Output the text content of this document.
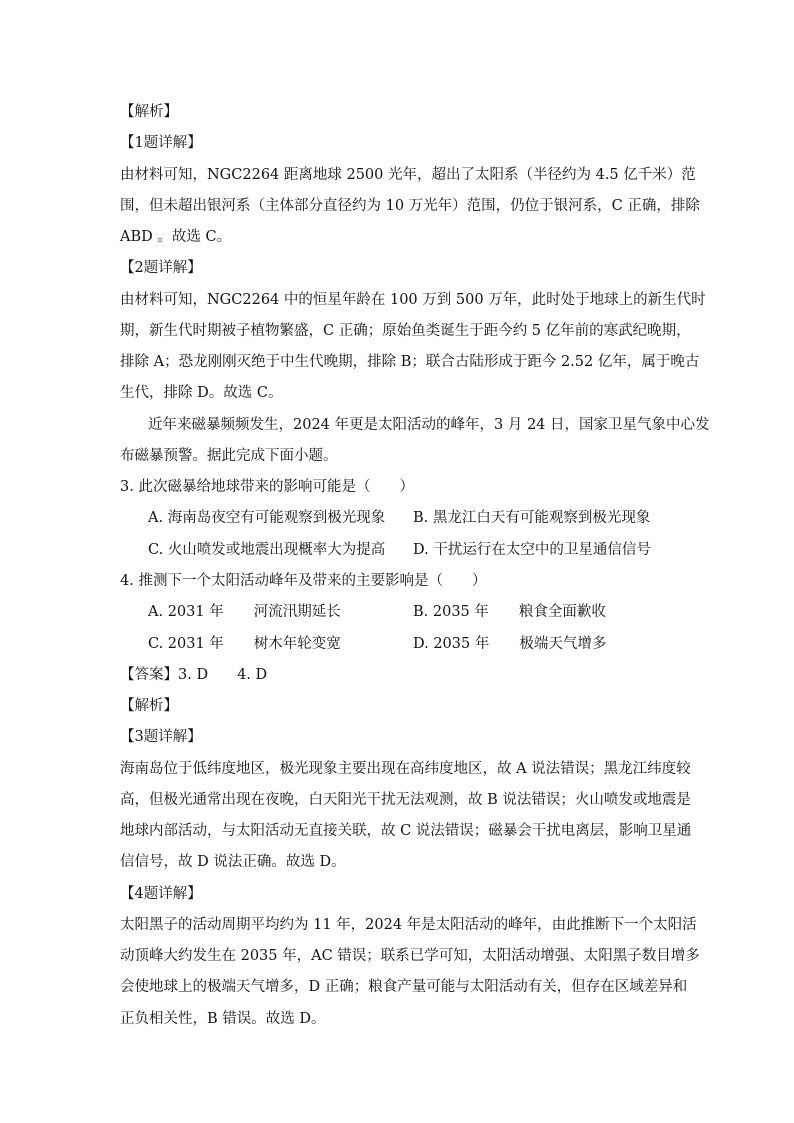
【解析】
【1题详解】
由材料可知，NGC2264 距离地球 2500 光年，超出了太阳系（半径约为 4.5 亿千米）范
围，但未超出银河系（主体部分直径约为 10 万光年）范围，仍位于银河系，C 正确，排除
ABD 。故选 C。
【2题详解】
由材料可知，NGC2264 中的恒星年龄在 100 万到 500 万年，此时处于地球上的新生代时
期，新生代时期被子植物繁盛，C 正确；原始鱼类诞生于距今约 5 亿年前的寒武纪晚期，
排除 A；恐龙刚刚灭绝于中生代晚期，排除 B；联合古陆形成于距今 2.52 亿年，属于晚古
生代，排除 D。故选 C。
近年来磁暴频频发生，2024 年更是太阳活动的峰年，3 月 24 日，国家卫星气象中心发
布磁暴预警。据此完成下面小题。
3. 此次磁暴给地球带来的影响可能是（　　）
A. 海南岛夜空有可能观察到极光现象 B. 黑龙江白天有可能观察到极光现象
C. 火山喷发或地震出现概率大为提高 D. 干扰运行在太空中的卫星通信信号
4. 推测下一个太阳活动峰年及带来的主要影响是（　　）
A. 2031 年 河流汛期延长	B. 2035 年 粮食全面歉收
C. 2031 年 树木年轮变宽	D. 2035 年 极端天气增多
【答案】3. D　　4. D
【解析】
【3题详解】
海南岛位于低纬度地区，极光现象主要出现在高纬度地区，故 A 说法错误；黑龙江纬度较
高，但极光通常出现在夜晚，白天阳光干扰无法观测，故 B 说法错误；火山喷发或地震是
地球内部活动，与太阳活动无直接关联，故 C 说法错误；磁暴会干扰电离层，影响卫星通
信信号，故 D 说法正确。故选 D。
【4题详解】
太阳黑子的活动周期平均约为 11 年，2024 年是太阳活动的峰年，由此推断下一个太阳活
动顶峰大约发生在 2035 年，AC 错误；联系已学可知，太阳活动增强、太阳黑子数目增多
会使地球上的极端天气增多，D 正确；粮食产量可能与太阳活动有关，但存在区域差异和
正负相关性，B 错误。故选 D。
